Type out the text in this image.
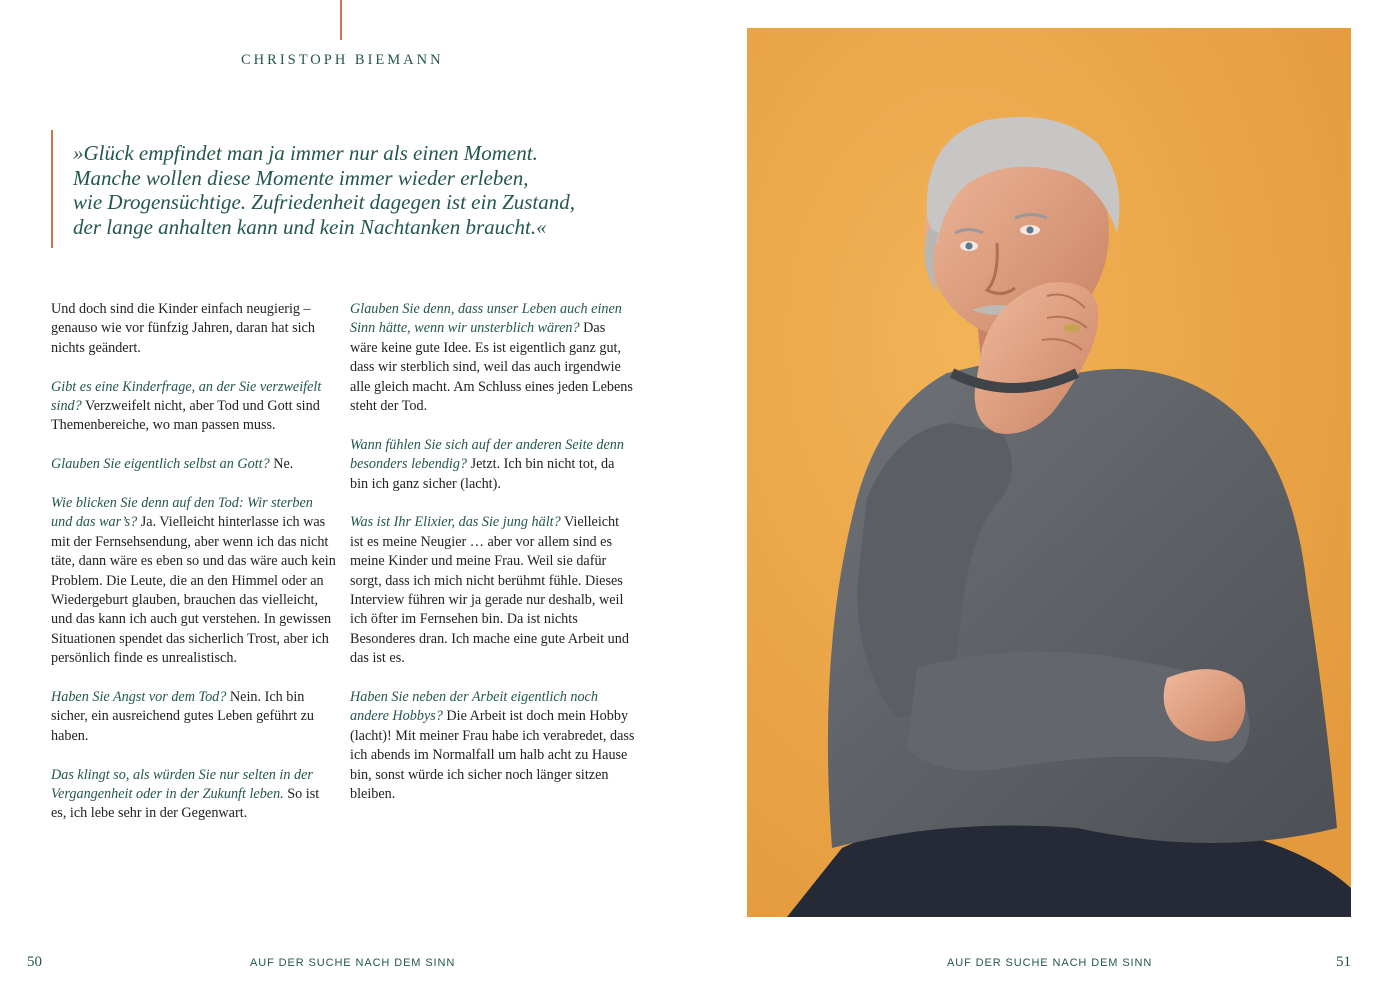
CHRISTOPH BIEMANN
»Glück empfindet man ja immer nur als einen Moment.
Manche wollen diese Momente immer wieder erleben,
wie Drogensüchtige. Zufriedenheit dagegen ist ein Zustand,
der lange anhalten kann und kein Nachtanken braucht.«

Und doch sind die Kinder einfach neugierig – genauso wie vor fünfzig Jahren, daran hat sich nichts geändert.

Gibt es eine Kinderfrage, an der Sie verzweifelt sind? Verzweifelt nicht, aber Tod und Gott sind Themenbereiche, wo man passen muss.

Glauben Sie eigentlich selbst an Gott? Ne.

Wie blicken Sie denn auf den Tod: Wir sterben und das war’s? Ja. Vielleicht hinterlasse ich was mit der Fernsehsendung, aber wenn ich das nicht täte, dann wäre es eben so und das wäre auch kein Problem. Die Leute, die an den Himmel oder an Wiedergeburt glauben, brauchen das vielleicht, und das kann ich auch gut verstehen. In gewissen Situationen spendet das sicherlich Trost, aber ich persönlich finde es unrealistisch.

Haben Sie Angst vor dem Tod? Nein. Ich bin sicher, ein ausreichend gutes Leben geführt zu haben.

Das klingt so, als würden Sie nur selten in der Vergangenheit oder in der Zukunft leben. So ist es, ich lebe sehr in der Gegenwart.

Glauben Sie denn, dass unser Leben auch einen Sinn hätte, wenn wir unsterblich wären? Das wäre keine gute Idee. Es ist eigentlich ganz gut, dass wir sterblich sind, weil das auch irgendwie alle gleich macht. Am Schluss eines jeden Lebens steht der Tod.

Wann fühlen Sie sich auf der anderen Seite denn besonders lebendig? Jetzt. Ich bin nicht tot, da bin ich ganz sicher (lacht).

Was ist Ihr Elixier, das Sie jung hält? Vielleicht ist es meine Neugier … aber vor allem sind es meine Kinder und meine Frau. Weil sie dafür sorgt, dass ich mich nicht berühmt fühle. Dieses Interview führen wir ja gerade nur deshalb, weil ich öfter im Fernsehen bin. Da ist nichts Besonderes dran. Ich mache eine gute Arbeit und das ist es.

Haben Sie neben der Arbeit eigentlich noch andere Hobbys? Die Arbeit ist doch mein Hobby (lacht)! Mit meiner Frau habe ich verabredet, dass ich abends im Normalfall um halb acht zu Hause bin, sonst würde ich sicher noch länger sitzen bleiben.

50	AUF DER SUCHE NACH DEM SINN	AUF DER SUCHE NACH DEM SINN	51
